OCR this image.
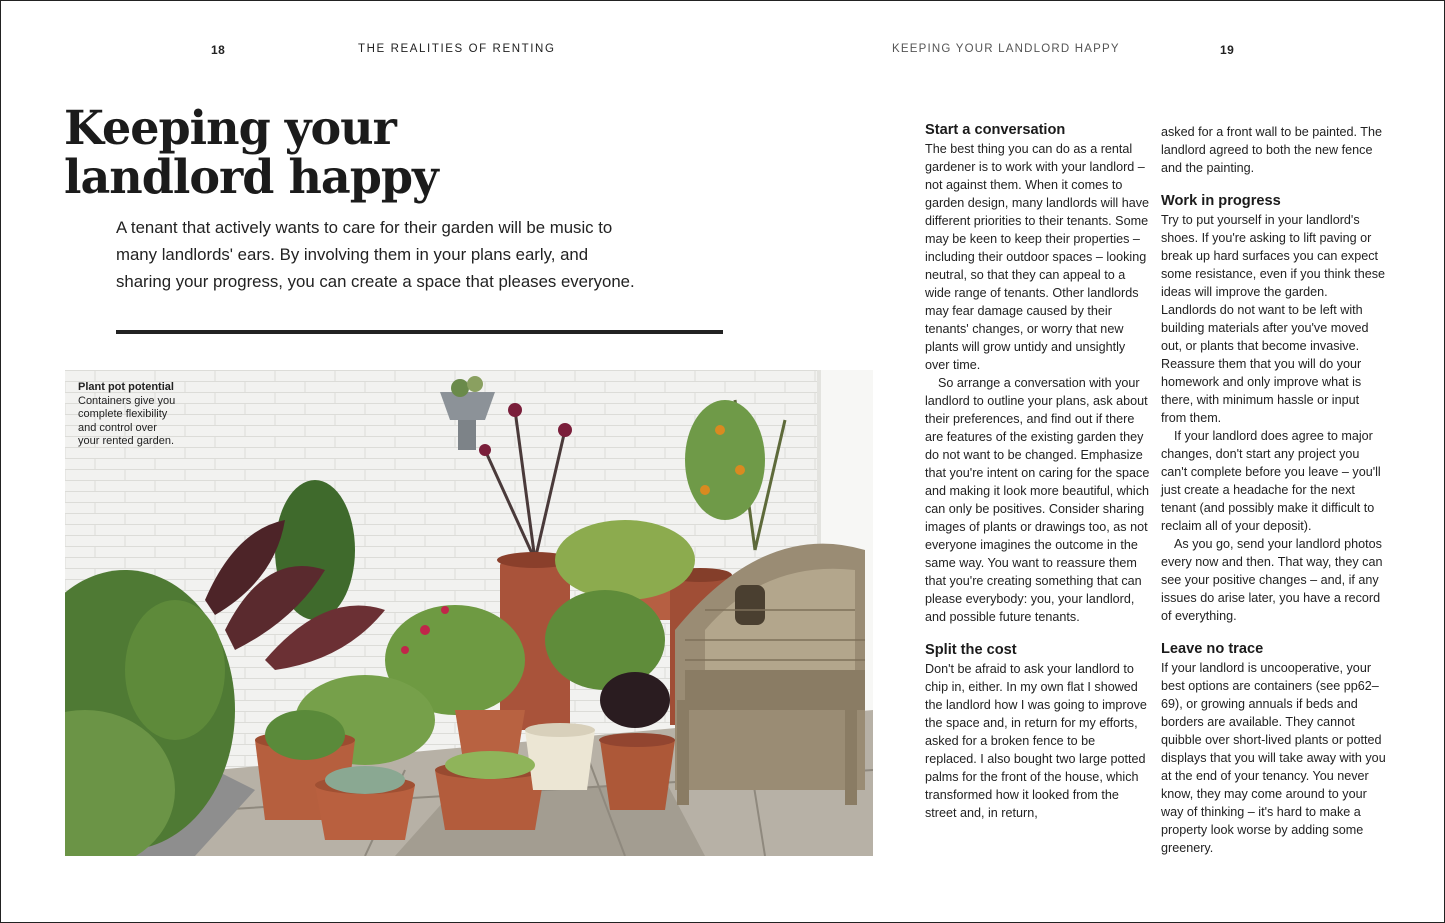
18	THE REALITIES OF RENTING	KEEPING YOUR LANDLORD HAPPY	19
Keeping your landlord happy

A tenant that actively wants to care for their garden will be music to many landlords' ears. By involving them in your plans early, and sharing your progress, you can create a space that pleases everyone.

Plant pot potential
Containers give you complete flexibility and control over your rented garden.
Start a conversation

The best thing you can do as a rental gardener is to work with your landlord – not against them. When it comes to garden design, many landlords will have different priorities to their tenants. Some may be keen to keep their properties – including their outdoor spaces – looking neutral, so that they can appeal to a wide range of tenants. Other landlords may fear damage caused by their tenants' changes, or worry that new plants will grow untidy and unsightly over time.

So arrange a conversation with your landlord to outline your plans, ask about their preferences, and find out if there are features of the existing garden they do not want to be changed. Emphasize that you're intent on caring for the space and making it look more beautiful, which can only be positives. Consider sharing images of plants or drawings too, as not everyone imagines the outcome in the same way. You want to reassure them that you're creating something that can please everybody: you, your landlord, and possible future tenants.

Split the cost

Don't be afraid to ask your landlord to chip in, either. In my own flat I showed the landlord how I was going to improve the space and, in return for my efforts, asked for a broken fence to be replaced. I also bought two large potted palms for the front of the house, which transformed how it looked from the street and, in return,

asked for a front wall to be painted. The landlord agreed to both the new fence and the painting.

Work in progress

Try to put yourself in your landlord's shoes. If you're asking to lift paving or break up hard surfaces you can expect some resistance, even if you think these ideas will improve the garden. Landlords do not want to be left with building materials after you've moved out, or plants that become invasive. Reassure them that you will do your homework and only improve what is there, with minimum hassle or input from them.

If your landlord does agree to major changes, don't start any project you can't complete before you leave – you'll just create a headache for the next tenant (and possibly make it difficult to reclaim all of your deposit).

As you go, send your landlord photos every now and then. That way, they can see your positive changes – and, if any issues do arise later, you have a record of everything.

Leave no trace

If your landlord is uncooperative, your best options are containers (see pp62–69), or growing annuals if beds and borders are available. They cannot quibble over short-lived plants or potted displays that you will take away with you at the end of your tenancy. You never know, they may come around to your way of thinking – it's hard to make a property look worse by adding some greenery.
